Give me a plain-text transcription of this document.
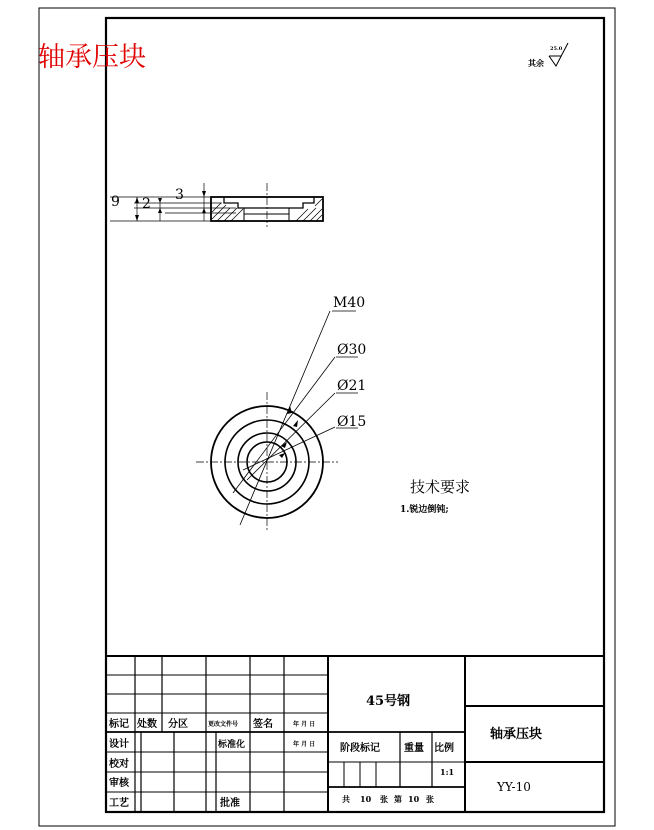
轴承压块	其余
25.0
9 2
3
M40
Ø30
Ø21
Ø15
技术要求
1.锐边倒钝;
标记 处数 分区	更改文件号 签名	年 月 日
设计	标准化	年 月 日
校对
审核
工艺	批准
45号钢
阶段标记 重量 比例
1:1
共 10 张 第 10 张
轴承压块
YY-10
